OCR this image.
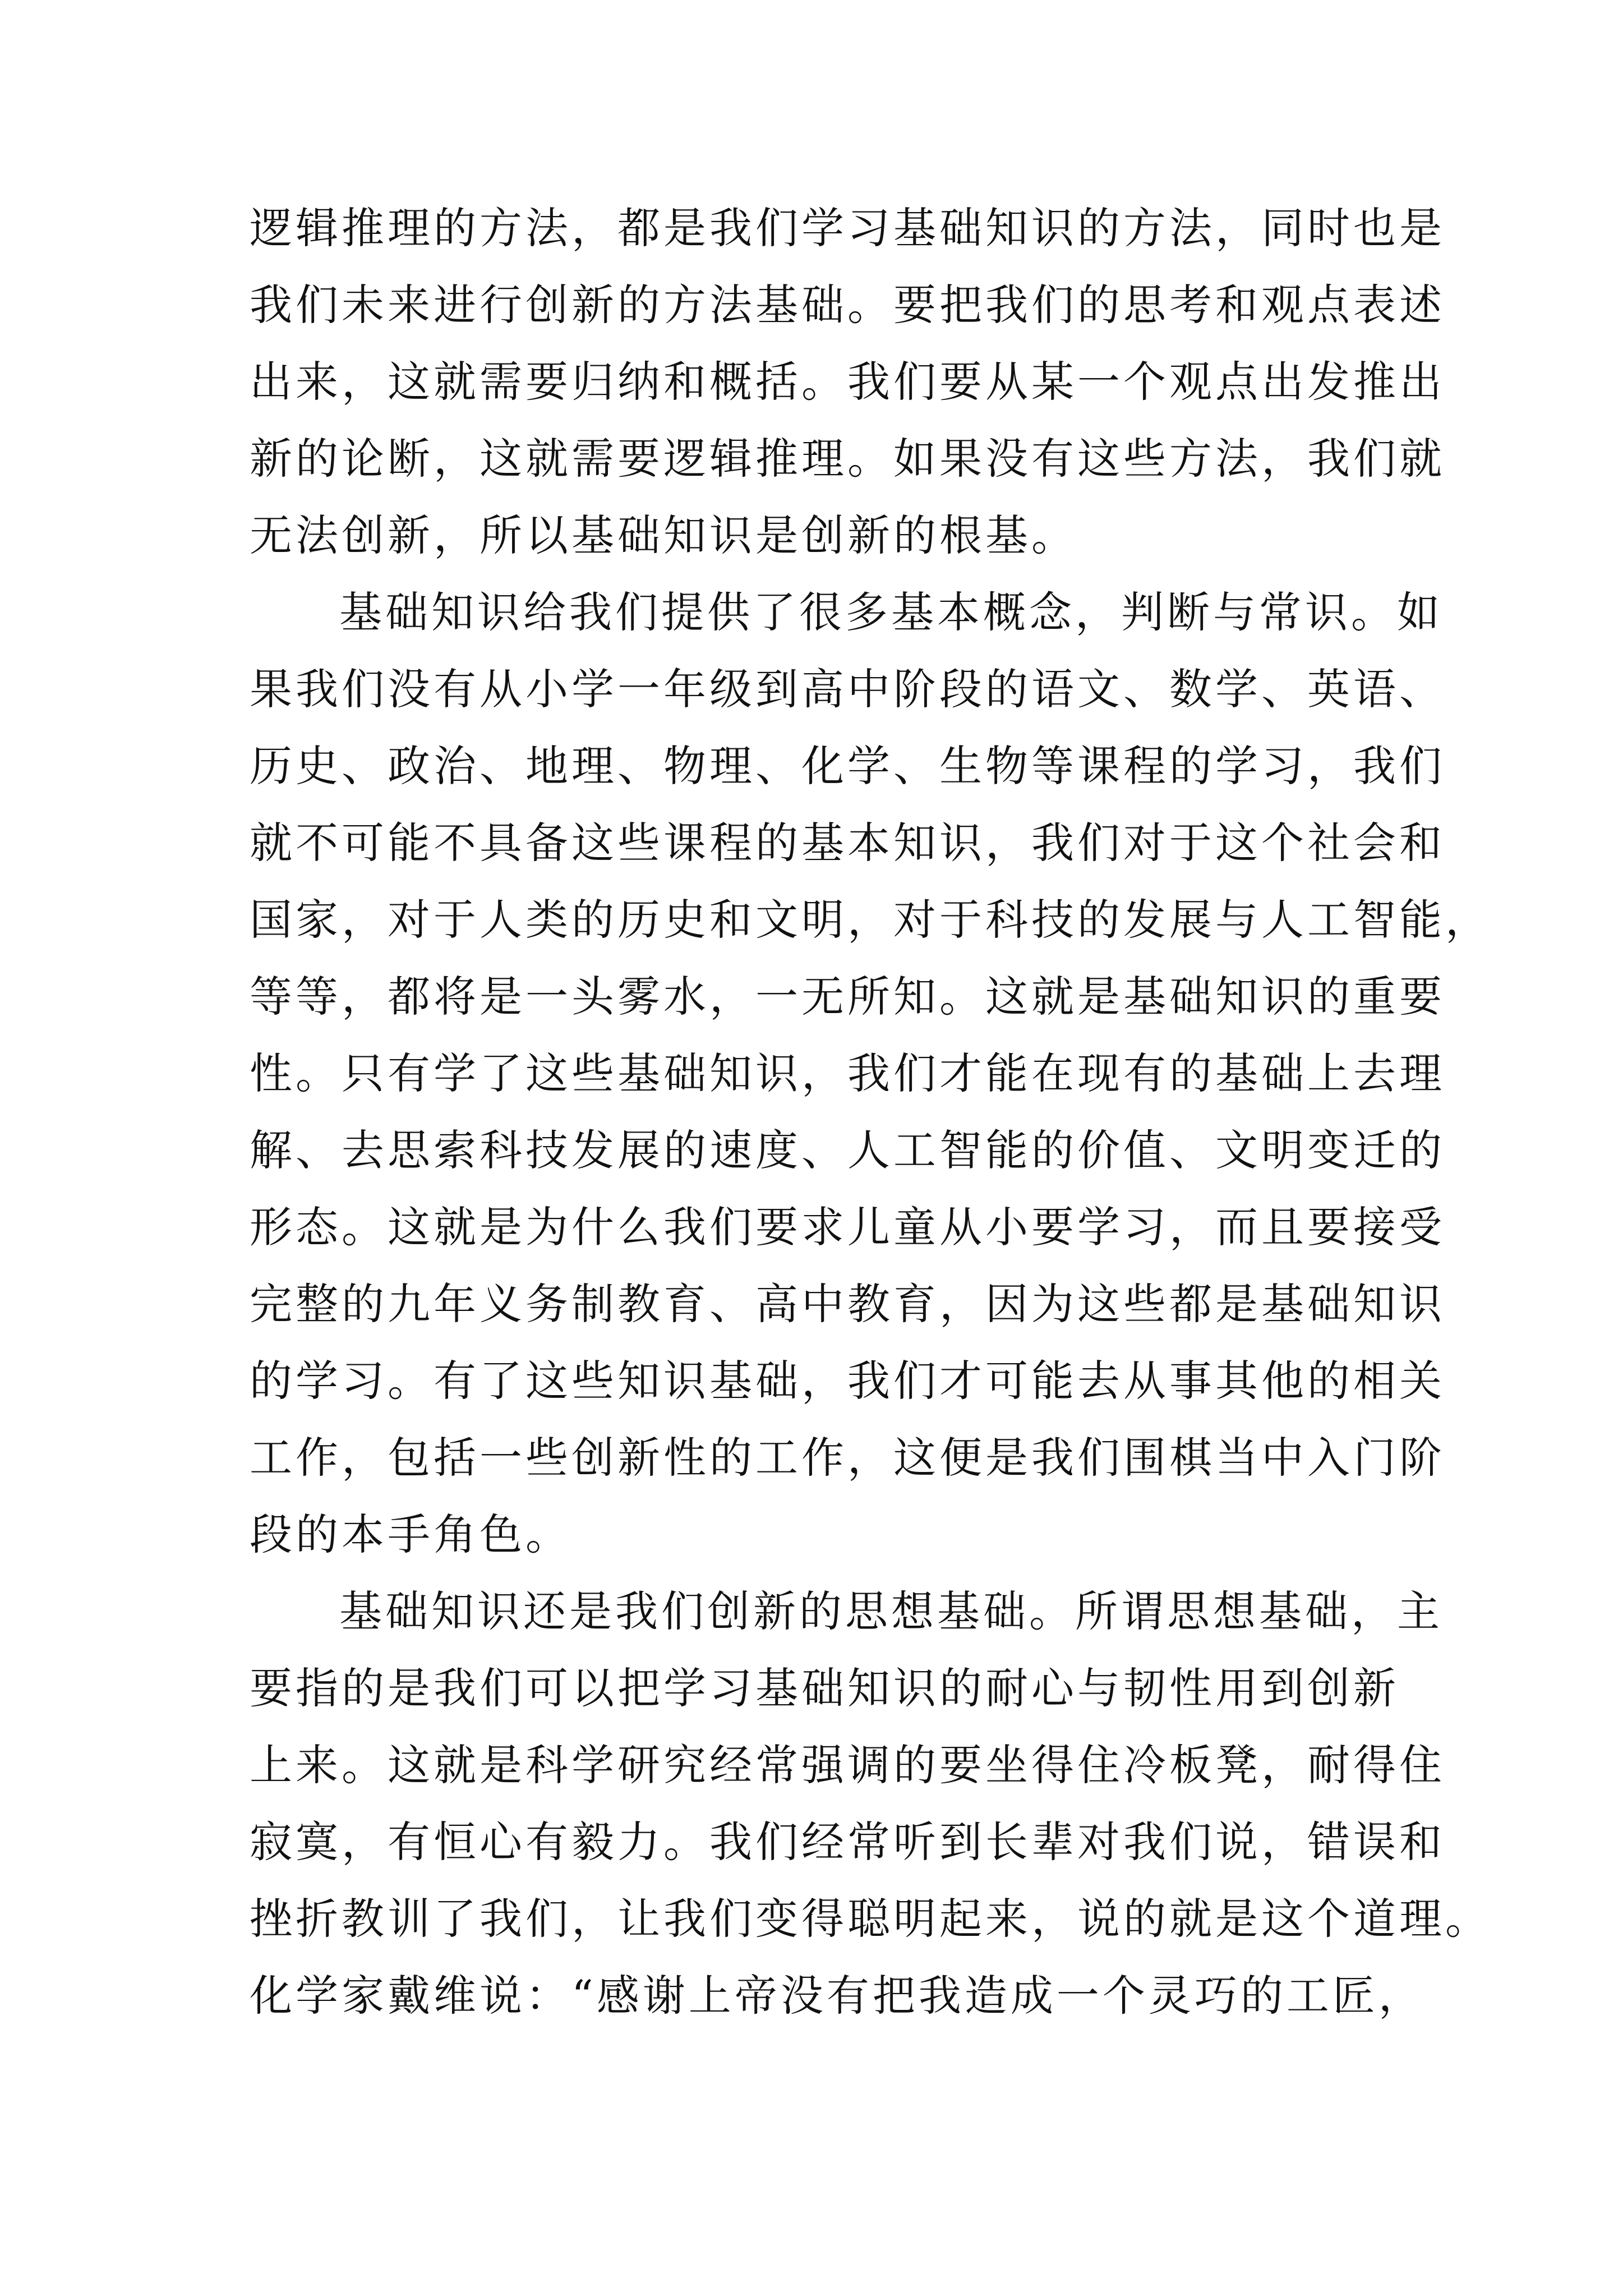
逻辑推理的方法，都是我们学习基础知识的方法，同时也是
我们未来进行创新的方法基础。要把我们的思考和观点表述
出来，这就需要归纳和概括。我们要从某一个观点出发推出
新的论断，这就需要逻辑推理。如果没有这些方法，我们就
无法创新，所以基础知识是创新的根基。
基础知识给我们提供了很多基本概念，判断与常识。如
果我们没有从小学一年级到高中阶段的语文、数学、英语、
历史、政治、地理、物理、化学、生物等课程的学习，我们
就不可能不具备这些课程的基本知识，我们对于这个社会和
国家，对于人类的历史和文明，对于科技的发展与人工智能，
等等，都将是一头雾水，一无所知。这就是基础知识的重要
性。只有学了这些基础知识，我们才能在现有的基础上去理
解、去思索科技发展的速度、人工智能的价值、文明变迁的
形态。这就是为什么我们要求儿童从小要学习，而且要接受
完整的九年义务制教育、高中教育，因为这些都是基础知识
的学习。有了这些知识基础，我们才可能去从事其他的相关
工作，包括一些创新性的工作，这便是我们围棋当中入门阶
段的本手角色。
基础知识还是我们创新的思想基础。所谓思想基础，主
要指的是我们可以把学习基础知识的耐心与韧性用到创新
上来。这就是科学研究经常强调的要坐得住冷板凳，耐得住
寂寞，有恒心有毅力。我们经常听到长辈对我们说，错误和
挫折教训了我们，让我们变得聪明起来，说的就是这个道理。
化学家戴维说：“感谢上帝没有把我造成一个灵巧的工匠，
